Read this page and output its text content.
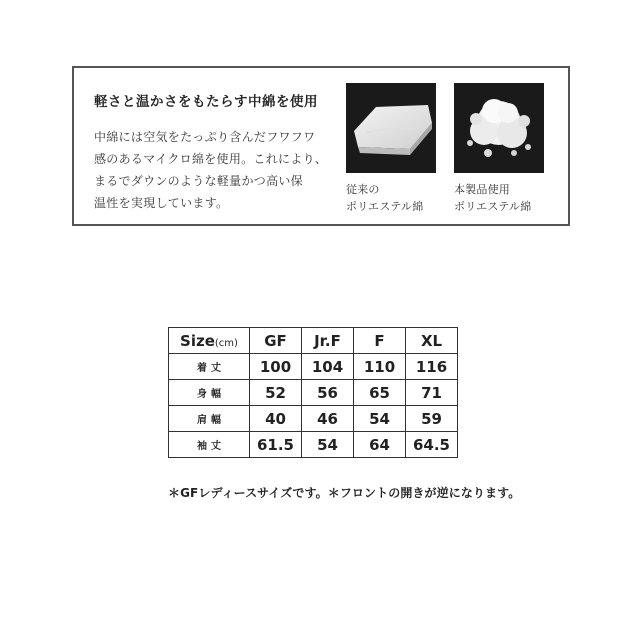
軽さと温かさをもたらす中綿を使用
中綿には空気をたっぷり含んだフワフワ
感のあるマイクロ綿を使用。これにより、
まるでダウンのような軽量かつ高い保
温性を実現しています。
従来の
ポリエステル綿
本製品使用
ポリエステル綿
Size(cm)	GF	Jr.F	F	XL
着丈	100	104	110	116
身幅	52	56	65	71
肩幅	40	46	54	59
袖丈	61.5	54	64	64.5
＊GFレディースサイズです。＊フロントの開きが逆になります。
